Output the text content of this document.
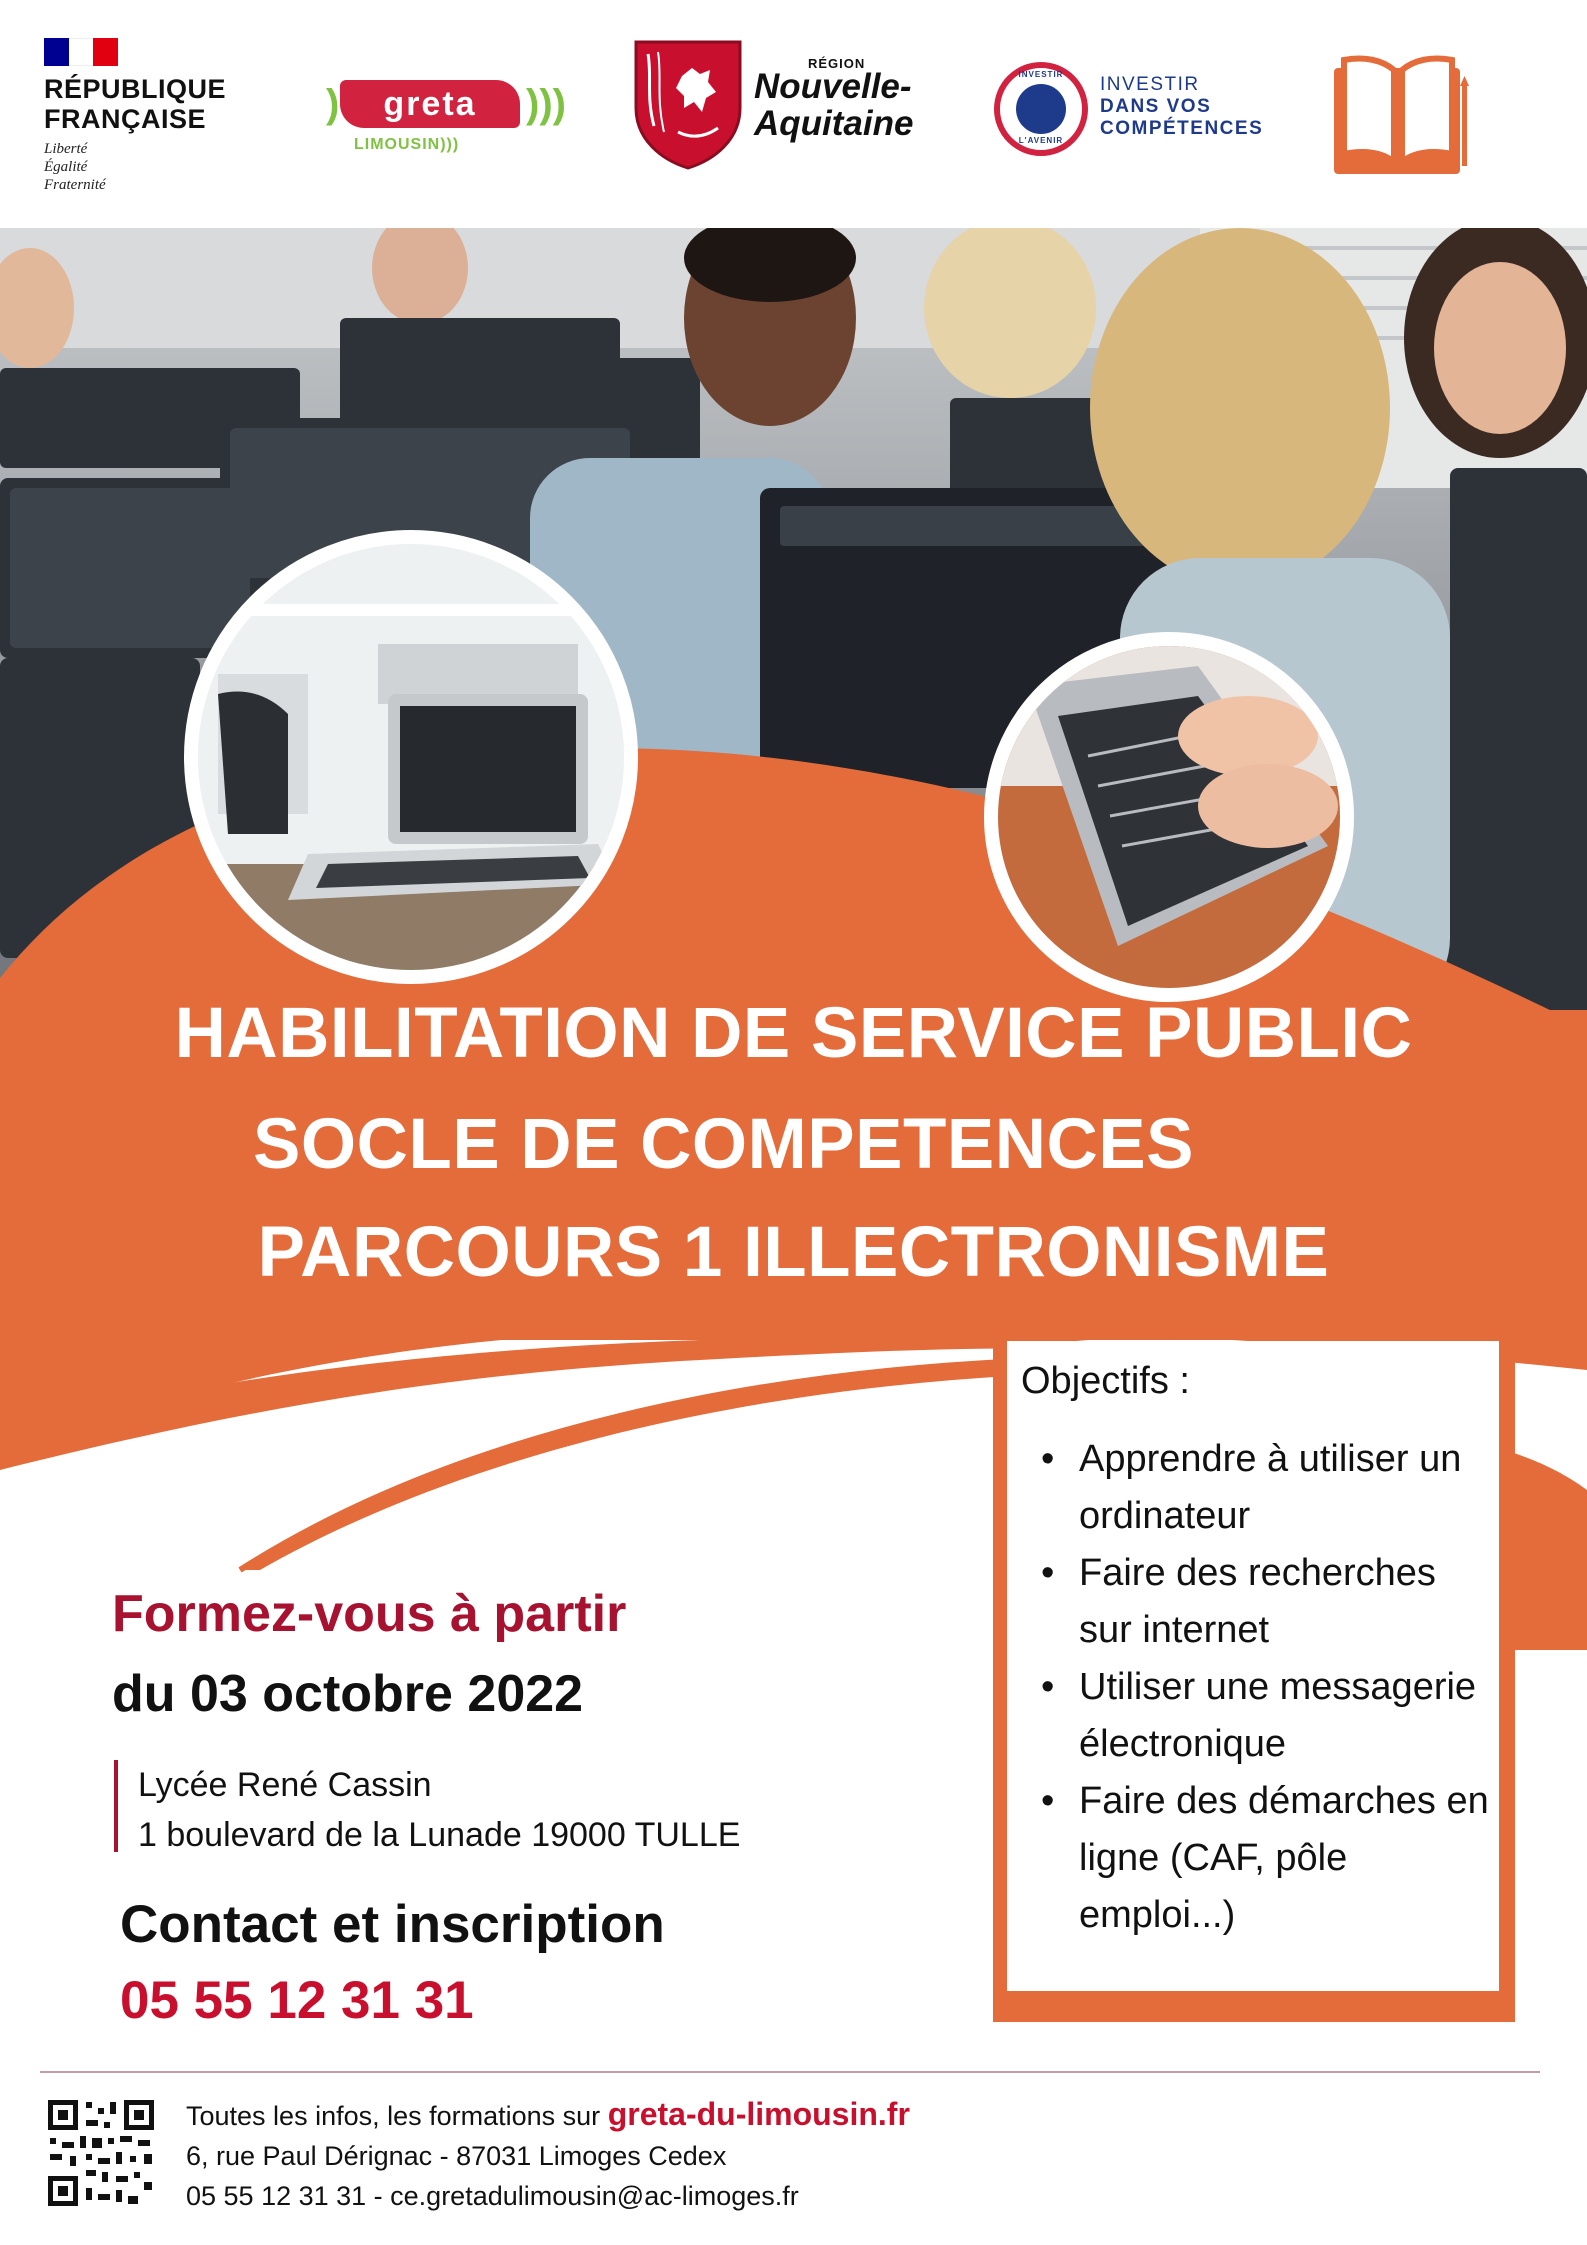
RÉPUBLIQUE
FRANÇAISE
Liberté
Égalité
Fraternité
)	greta	)))
LIMOUSIN)))
RÉGION
Nouvelle-
Aquitaine
INVESTIR
L'AVENIR
INVESTIR
DANS VOS
COMPÉTENCES
HABILITATION DE SERVICE PUBLIC
SOCLE DE COMPETENCES
PARCOURS 1 ILLECTRONISME
Objectifs :
• Apprendre à utiliser un ordinateur
• Faire des recherches sur internet
• Utiliser une messagerie électronique
• Faire des démarches en ligne (CAF, pôle emploi...)
Formez-vous à partir
du 03 octobre 2022
Lycée René Cassin
1 boulevard de la Lunade 19000 TULLE
Contact et inscription
05 55 12 31 31
Toutes les infos, les formations sur greta-du-limousin.fr
6, rue Paul Dérignac - 87031 Limoges Cedex
05 55 12 31 31 - ce.gretadulimousin@ac-limoges.fr
